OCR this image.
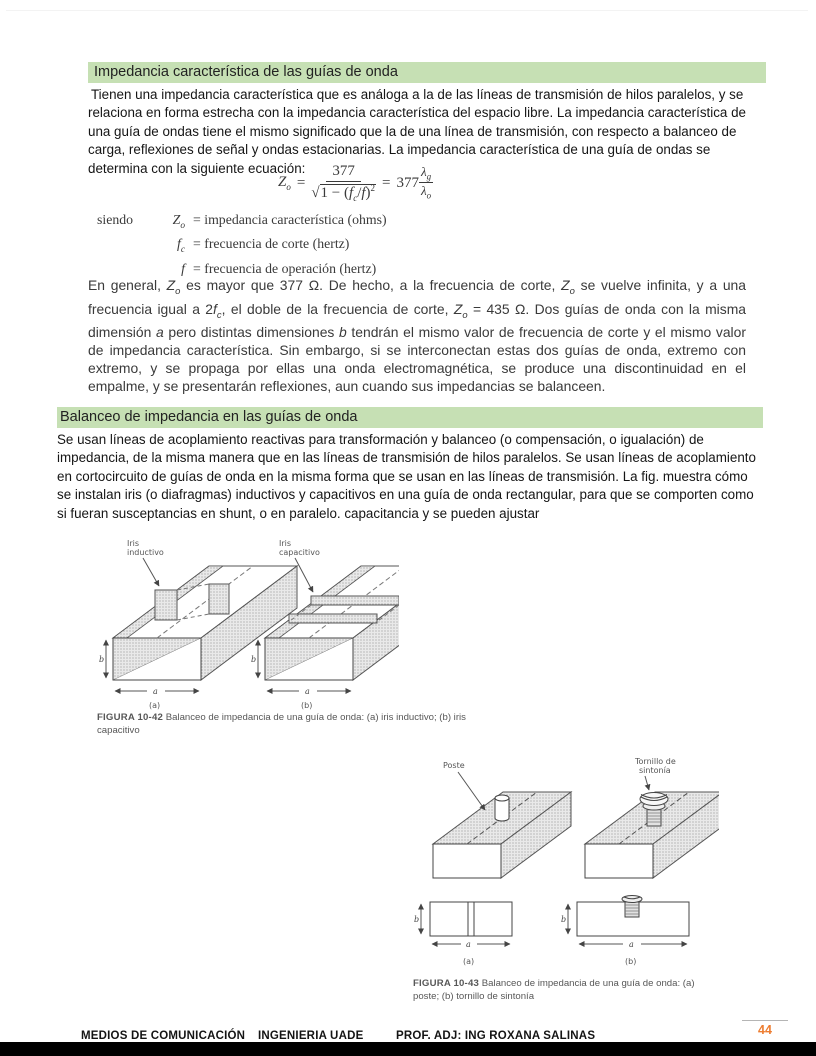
Impedancia característica de las guías de onda
Tienen una impedancia característica que es análoga a la de las líneas de transmisión de hilos paralelos, y se relaciona en forma estrecha con la impedancia característica del espacio libre. La impedancia característica de una guía de ondas tiene el mismo significado que la de una línea de transmisión, con respecto a balanceo de carga, reflexiones de señal y ondas estacionarias. La impedancia característica de una guía de ondas se determina con la siguiente ecuación:
$Z_o = \frac{377}{√1 - (f_c/f)^2} = 377 \frac{\lambda_g}{\lambda_o}$
siendo	$Z_o$ = impedancia característica (ohms)
$f_c$ = frecuencia de corte (hertz)
f = frecuencia de operación (hertz)
En general, $Z_o$ es mayor que 377 Ω. De hecho, a la frecuencia de corte, $Z_o$ se vuelve infinita, y a una frecuencia igual a $2f_c$, el doble de la frecuencia de corte, $Z_o = 435$ Ω. Dos guías de onda con la misma dimensión a pero distintas dimensiones b tendrán el mismo valor de frecuencia de corte y el mismo valor de impedancia característica. Sin embargo, si se interconectan estas dos guías de onda, extremo con extremo, y se propaga por ellas una onda electromagnética, se produce una discontinuidad en el empalme, y se presentarán reflexiones, aun cuando sus impedancias se balanceen.
Balanceo de impedancia en las guías de onda
Se usan líneas de acoplamiento reactivas para transformación y balanceo (o compensación, o igualación) de impedancia, de la misma manera que en las líneas de transmisión de hilos paralelos. Se usan líneas de acoplamiento en cortocircuito de guías de onda en la misma forma que se usan en las líneas de transmisión. La fig. muestra cómo se instalan iris (o diafragmas) inductivos y capacitivos en una guía de onda rectangular, para que se comporten como si fueran susceptancias en shunt, o en paralelo. capacitancia y se pueden ajustar
Iris
inductivo
b
a
(a)
Iris
capacitivo
b
a
(b)
FIGURA 10-42 Balanceo de impedancia de una guía de onda: (a) iris inductivo; (b) iris capacitivo
Poste	Tornillo de
sintonía
b
a
(a)
b
a
(b)
FIGURA 10-43 Balanceo de impedancia de una guía de onda: (a) poste; (b) tornillo de sintonía
MEDIOS DE COMUNICACIÓN INGENIERIA UADE	PROF. ADJ: ING ROXANA SALINAS	44
